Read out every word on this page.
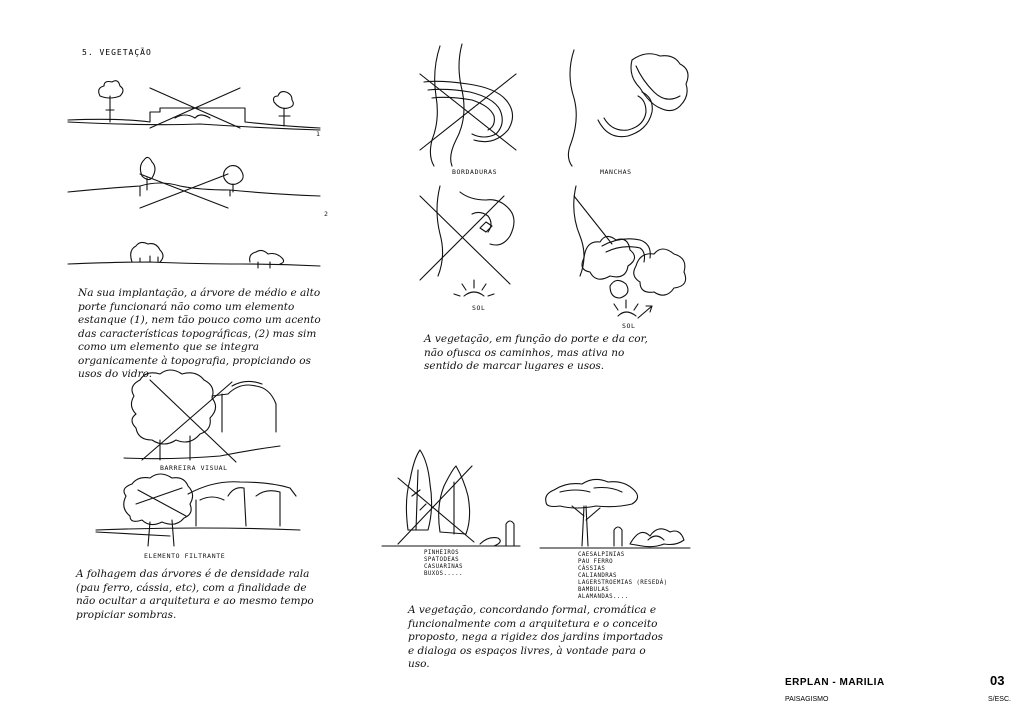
5. VEGETAÇÃO
1
2
Na sua implantação, a árvore de médio e alto porte funcionará não como um elemento estanque (1), nem tão pouco como um acento das características topográficas, (2) mas sim como um elemento que se integra organicamente à topografia, propiciando os usos do vidro.
BORDADURAS	MANCHAS
SOL
SOL
A vegetação, em função do porte e da cor, não ofusca os caminhos, mas ativa no sentido de marcar lugares e usos.
BARREIRA VISUAL
ELEMENTO FILTRANTE
A folhagem das árvores é de densidade rala (pau ferro, cássia, etc), com a finalidade de não ocultar a arquitetura e ao mesmo tempo propiciar sombras.
PINHEIROS
SPATODEAS
CASUARINAS
BUXOS.....
CAESALPINIAS
PAU FERRO
CÁSSIAS
CALIANDRAS
LAGERSTROEMIAS (RESEDÁ)
BAMBULAS
ALAMANDAS....
A vegetação, concordando formal, cromática e funcionalmente com a arquitetura e o conceito proposto, nega a rigidez dos jardins importados e dialoga os espaços livres, à vontade para o uso.
ERPLAN - MARILIA
PAISAGISMO
03
S/ESC.
